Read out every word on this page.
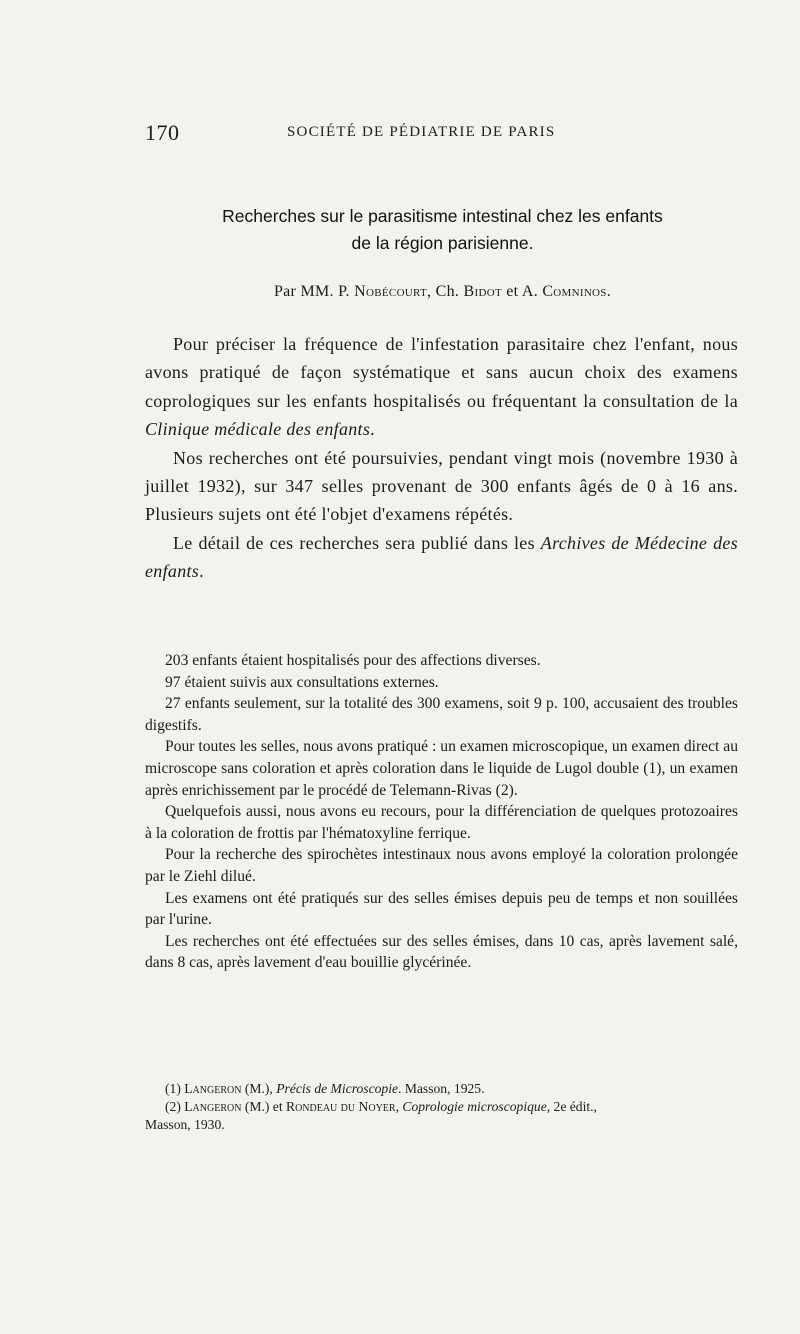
170	SOCIÉTÉ DE PÉDIATRIE DE PARIS
Recherches sur le parasitisme intestinal chez les enfants
de la région parisienne.
Par MM. P. Nobécourt, Ch. Bidot et A. Comninos.

Pour préciser la fréquence de l'infestation parasitaire chez l'enfant, nous avons pratiqué de façon systématique et sans aucun choix des examens coprologiques sur les enfants hospitalisés ou fréquentant la consultation de la Clinique médicale des enfants.

Nos recherches ont été poursuivies, pendant vingt mois (novembre 1930 à juillet 1932), sur 347 selles provenant de 300 enfants âgés de 0 à 16 ans. Plusieurs sujets ont été l'objet d'examens répétés.

Le détail de ces recherches sera publié dans les Archives de Médecine des enfants.

203 enfants étaient hospitalisés pour des affections diverses.

97 étaient suivis aux consultations externes.

27 enfants seulement, sur la totalité des 300 examens, soit 9 p. 100, accusaient des troubles digestifs.

Pour toutes les selles, nous avons pratiqué : un examen microscopique, un examen direct au microscope sans coloration et après coloration dans le liquide de Lugol double (1), un examen après enrichissement par le procédé de Telemann-Rivas (2).

Quelquefois aussi, nous avons eu recours, pour la différenciation de quelques protozoaires à la coloration de frottis par l'hématoxyline ferrique.

Pour la recherche des spirochètes intestinaux nous avons employé la coloration prolongée par le Ziehl dilué.

Les examens ont été pratiqués sur des selles émises depuis peu de temps et non souillées par l'urine.

Les recherches ont été effectuées sur des selles émises, dans 10 cas, après lavement salé, dans 8 cas, après lavement d'eau bouillie glycérinée.

(1) Langeron (M.), Précis de Microscopie. Masson, 1925.

(2) Langeron (M.) et Rondeau du Noyer, Coprologie microscopique, 2e édit.,

Masson, 1930.
